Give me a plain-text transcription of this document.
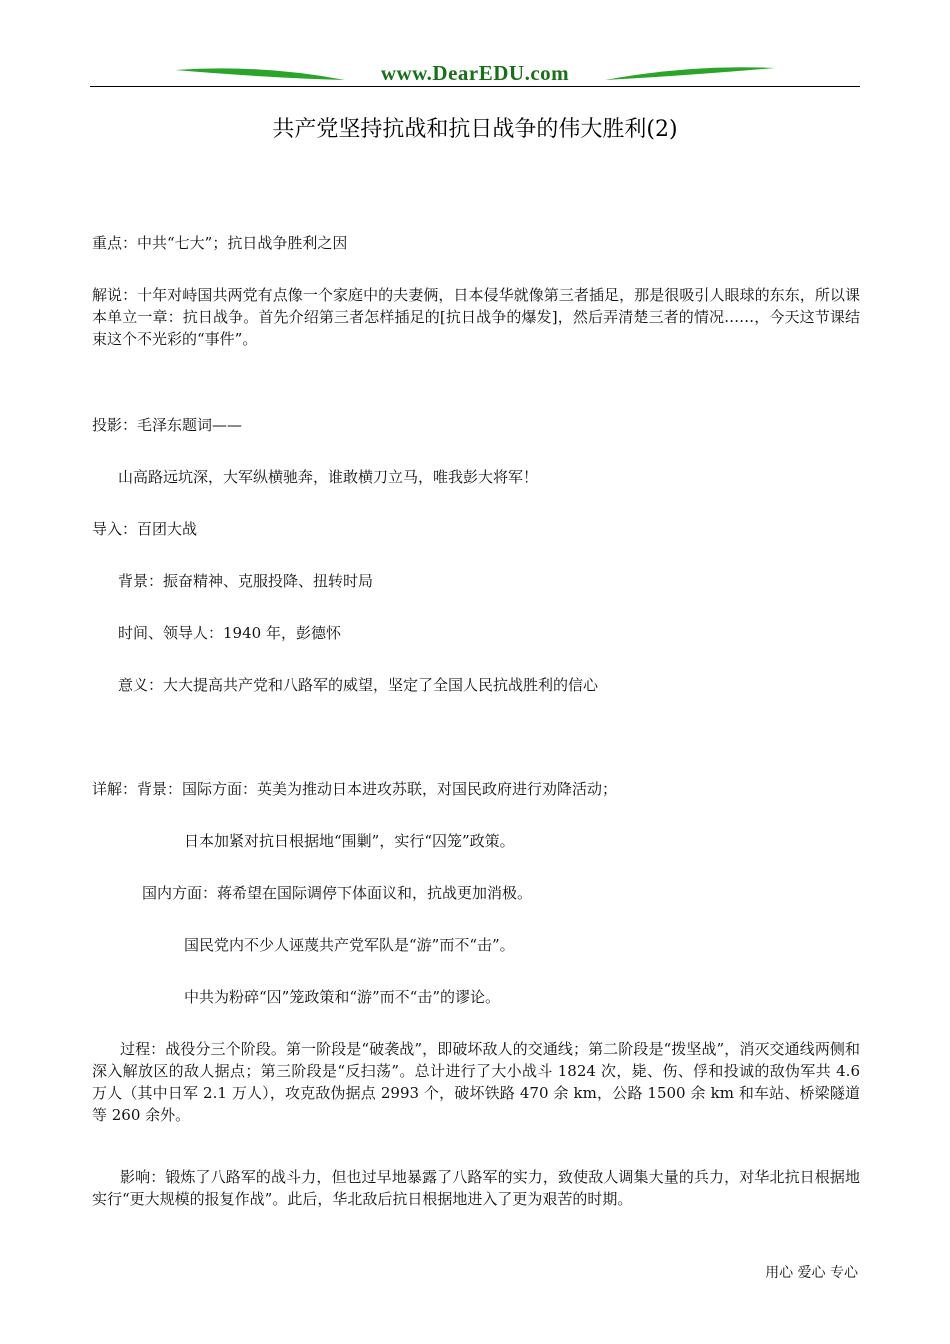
www.DearEDU.com
共产党坚持抗战和抗日战争的伟大胜利(2)

重点：中共“七大”；抗日战争胜利之因

解说：十年对峙国共两党有点像一个家庭中的夫妻俩，日本侵华就像第三者插足，那是很吸引人眼球的东东，所以课本单立一章：抗日战争。首先介绍第三者怎样插足的[抗日战争的爆发]，然后弄清楚三者的情况……，今天这节课结束这个不光彩的“事件”。

投影：毛泽东题词——

山高路远坑深，大军纵横驰奔，谁敢横刀立马，唯我彭大将军！

导入：百团大战

背景：振奋精神、克服投降、扭转时局

时间、领导人：1940 年，彭德怀

意义：大大提高共产党和八路军的威望，坚定了全国人民抗战胜利的信心

详解：背景：国际方面：英美为推动日本进攻苏联，对国民政府进行劝降活动；

日本加紧对抗日根据地“围剿”，实行“囚笼”政策。

国内方面：蒋希望在国际调停下体面议和，抗战更加消极。

国民党内不少人诬蔑共产党军队是“游”而不“击”。

中共为粉碎“囚”笼政策和“游”而不“击”的谬论。

过程：战役分三个阶段。第一阶段是“破袭战”，即破坏敌人的交通线；第二阶段是“拨坚战”，消灭交通线两侧和深入解放区的敌人据点；第三阶段是“反扫荡”。总计进行了大小战斗 1824 次，毙、伤、俘和投诚的敌伪军共 4.6 万人（其中日军 2.1 万人），攻克敌伪据点 2993 个，破坏铁路 470 余 km，公路 1500 余 km 和车站、桥梁隧道等 260 余外。

影响：锻炼了八路军的战斗力，但也过早地暴露了八路军的实力，致使敌人调集大量的兵力，对华北抗日根据地实行“更大规模的报复作战”。此后，华北敌后抗日根据地进入了更为艰苦的时期。

用心 爱心 专心
